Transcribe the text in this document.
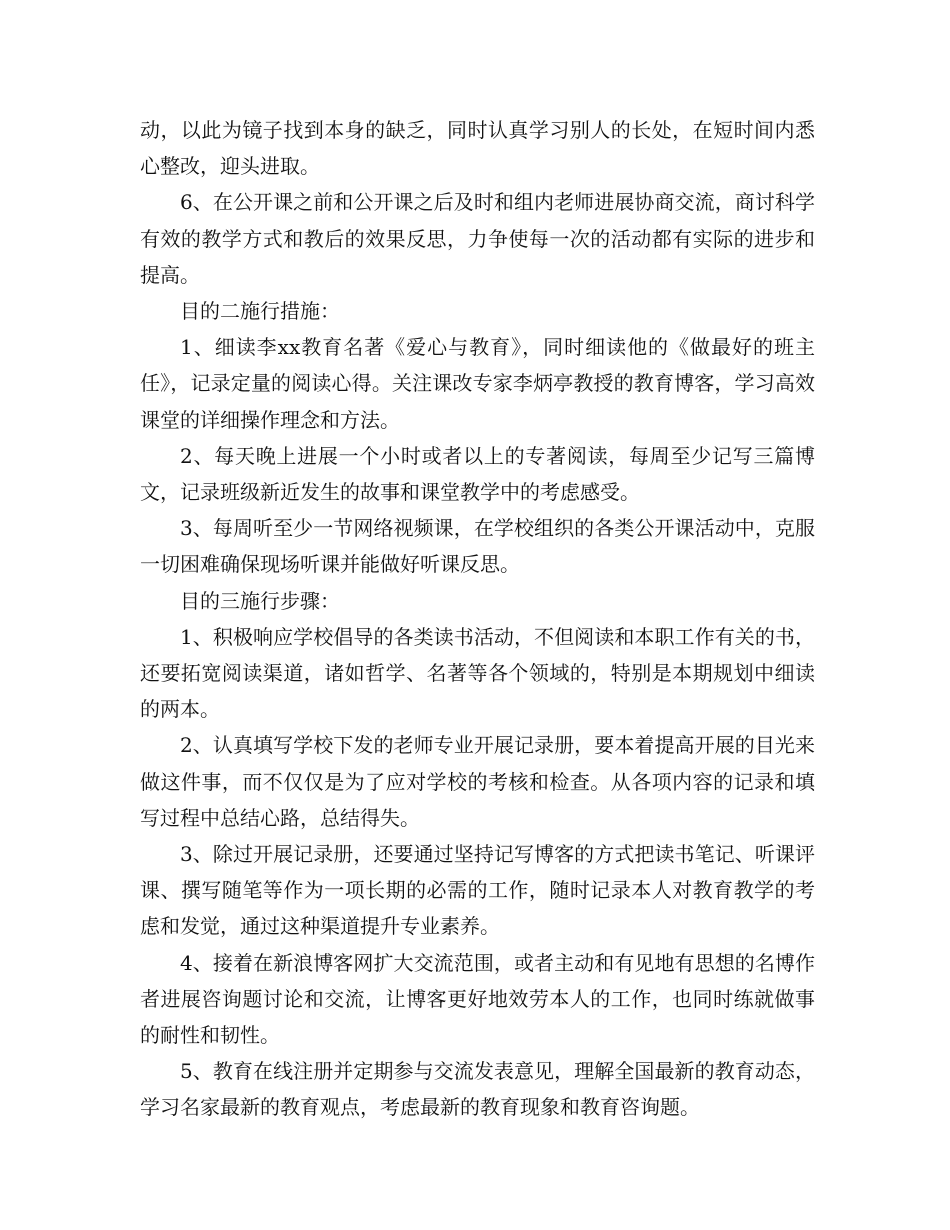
动，以此为镜子找到本身的缺乏，同时认真学习别人的长处，在短时间内悉心整改，迎头进取。

6、在公开课之前和公开课之后及时和组内老师进展协商交流，商讨科学有效的教学方式和教后的效果反思，力争使每一次的活动都有实际的进步和提高。

目的二施行措施：

1、细读李xx教育名著《爱心与教育》，同时细读他的《做最好的班主任》，记录定量的阅读心得。关注课改专家李炳亭教授的教育博客，学习高效课堂的详细操作理念和方法。

2、每天晚上进展一个小时或者以上的专著阅读，每周至少记写三篇博文，记录班级新近发生的故事和课堂教学中的考虑感受。

3、每周听至少一节网络视频课，在学校组织的各类公开课活动中，克服一切困难确保现场听课并能做好听课反思。

目的三施行步骤：

1、积极响应学校倡导的各类读书活动，不但阅读和本职工作有关的书，还要拓宽阅读渠道，诸如哲学、名著等各个领域的，特别是本期规划中细读的两本。

2、认真填写学校下发的老师专业开展记录册，要本着提高开展的目光来做这件事，而不仅仅是为了应对学校的考核和检查。从各项内容的记录和填写过程中总结心路，总结得失。

3、除过开展记录册，还要通过坚持记写博客的方式把读书笔记、听课评课、撰写随笔等作为一项长期的必需的工作，随时记录本人对教育教学的考虑和发觉，通过这种渠道提升专业素养。

4、接着在新浪博客网扩大交流范围，或者主动和有见地有思想的名博作者进展咨询题讨论和交流，让博客更好地效劳本人的工作，也同时练就做事的耐性和韧性。

5、教育在线注册并定期参与交流发表意见，理解全国最新的教育动态，学习名家最新的教育观点，考虑最新的教育现象和教育咨询题。
